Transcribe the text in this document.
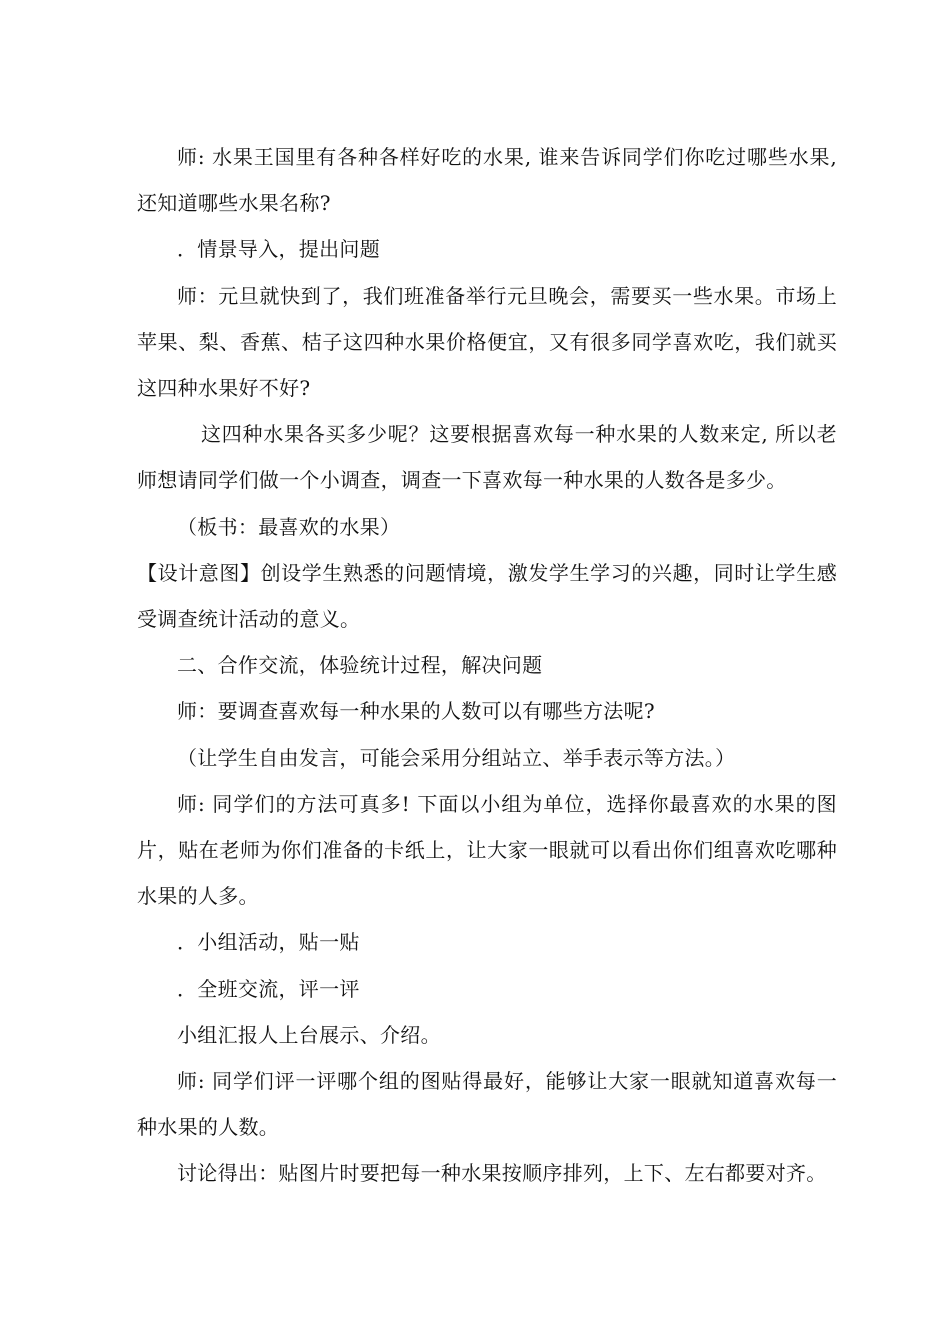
师: 水果王国里有各种各样好吃的水果, 谁来告诉同学们你吃过哪些水果, 还知道哪些水果名称?

．情景导入，提出问题

师：元旦就快到了，我们班准备举行元旦晚会，需要买一些水果。市场上苹果、梨、香蕉、桔子这四种水果价格便宜，又有很多同学喜欢吃，我们就买这四种水果好不好?

这四种水果各买多少呢？这要根据喜欢每一种水果的人数来定, 所以老师想请同学们做一个小调查，调查一下喜欢每一种水果的人数各是多少。

（板书：最喜欢的水果）

【设计意图】创设学生熟悉的问题情境，激发学生学习的兴趣，同时让学生感受调查统计活动的意义。

二、合作交流，体验统计过程，解决问题

师：要调查喜欢每一种水果的人数可以有哪些方法呢?

（让学生自由发言，可能会采用分组站立、举手表示等方法。）

师: 同学们的方法可真多! 下面以小组为单位，选择你最喜欢的水果的图片，贴在老师为你们准备的卡纸上，让大家一眼就可以看出你们组喜欢吃哪种水果的人多。

．小组活动，贴一贴

．全班交流，评一评

小组汇报人上台展示、介绍。

师: 同学们评一评哪个组的图贴得最好，能够让大家一眼就知道喜欢每一种水果的人数。

讨论得出：贴图片时要把每一种水果按顺序排列，上下、左右都要对齐。
